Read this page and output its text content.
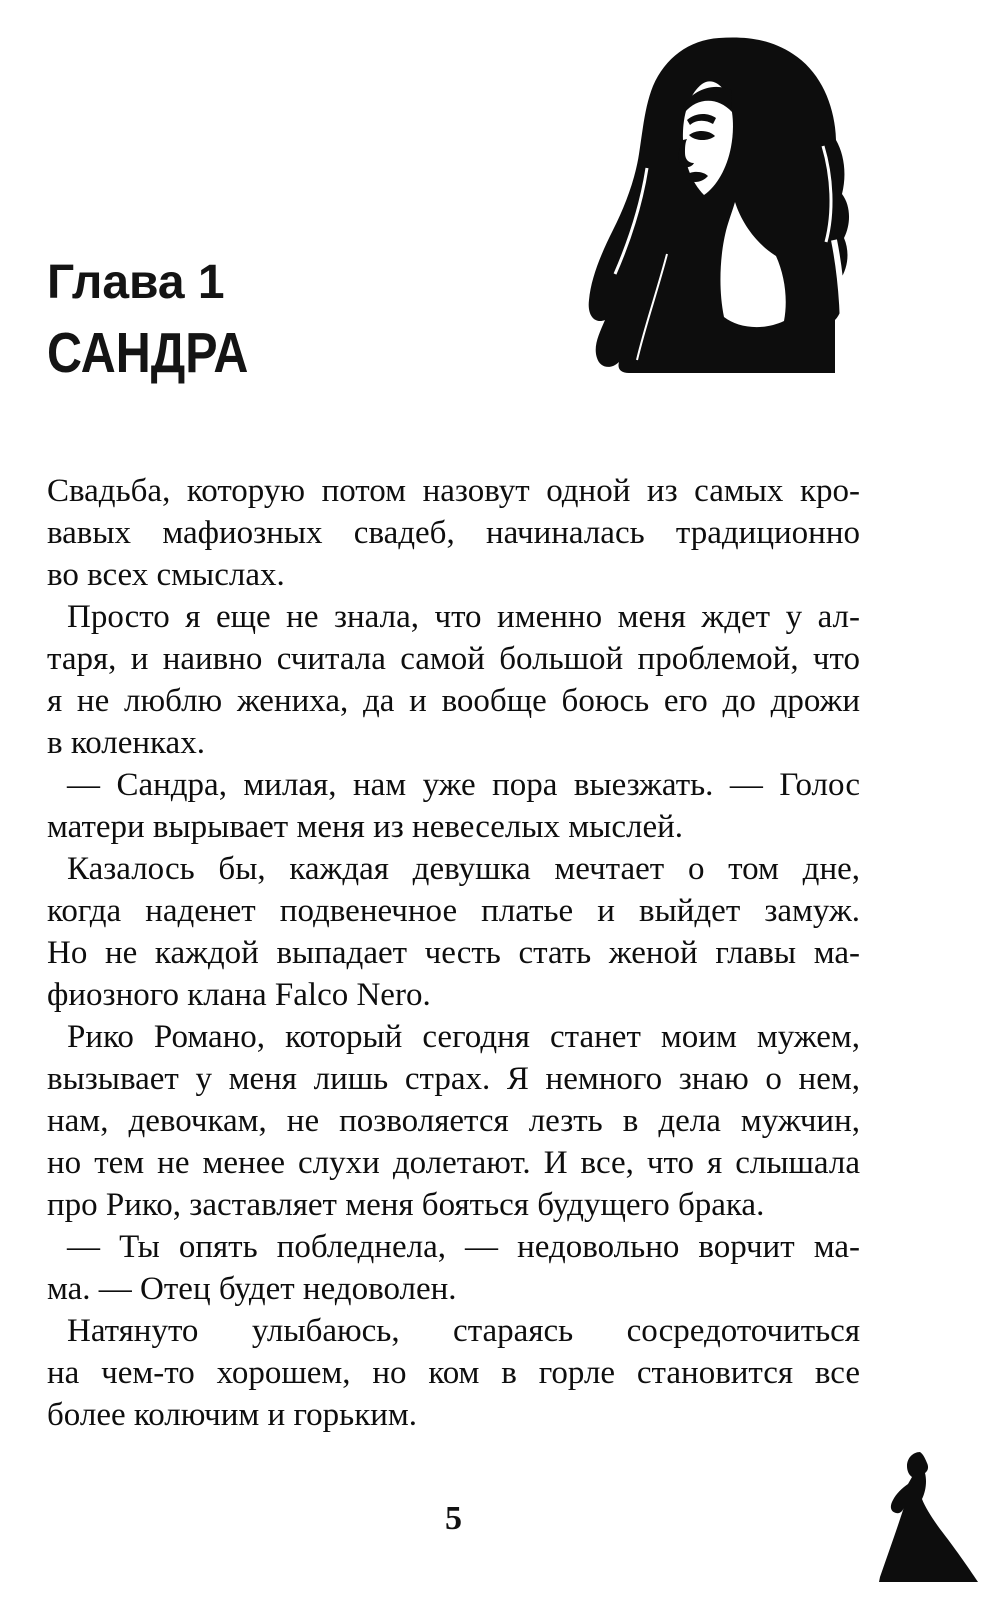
Глава 1
САНДРА
Свадьба, которую потом назовут одной из самых кро-
вавых мафиозных свадеб, начиналась традиционно
во всех смыслах.
Просто я еще не знала, что именно меня ждет у ал-
таря, и наивно считала самой большой проблемой, что
я не люблю жениха, да и вообще боюсь его до дрожи
в коленках.
— Сандра, милая, нам уже пора выезжать. — Голос
матери вырывает меня из невеселых мыслей.
Казалось бы, каждая девушка мечтает о том дне,
когда наденет подвенечное платье и выйдет замуж.
Но не каждой выпадает честь стать женой главы ма-
фиозного клана Falco Nero.
Рико Романо, который сегодня станет моим мужем,
вызывает у меня лишь страх. Я немного знаю о нем,
нам, девочкам, не позволяется лезть в дела мужчин,
но тем не менее слухи долетают. И все, что я слышала
про Рико, заставляет меня бояться будущего брака.
— Ты опять побледнела, — недовольно ворчит ма-
ма. — Отец будет недоволен.
Натянуто улыбаюсь, стараясь сосредоточиться
на чем-то хорошем, но ком в горле становится все
более колючим и горьким.
5
